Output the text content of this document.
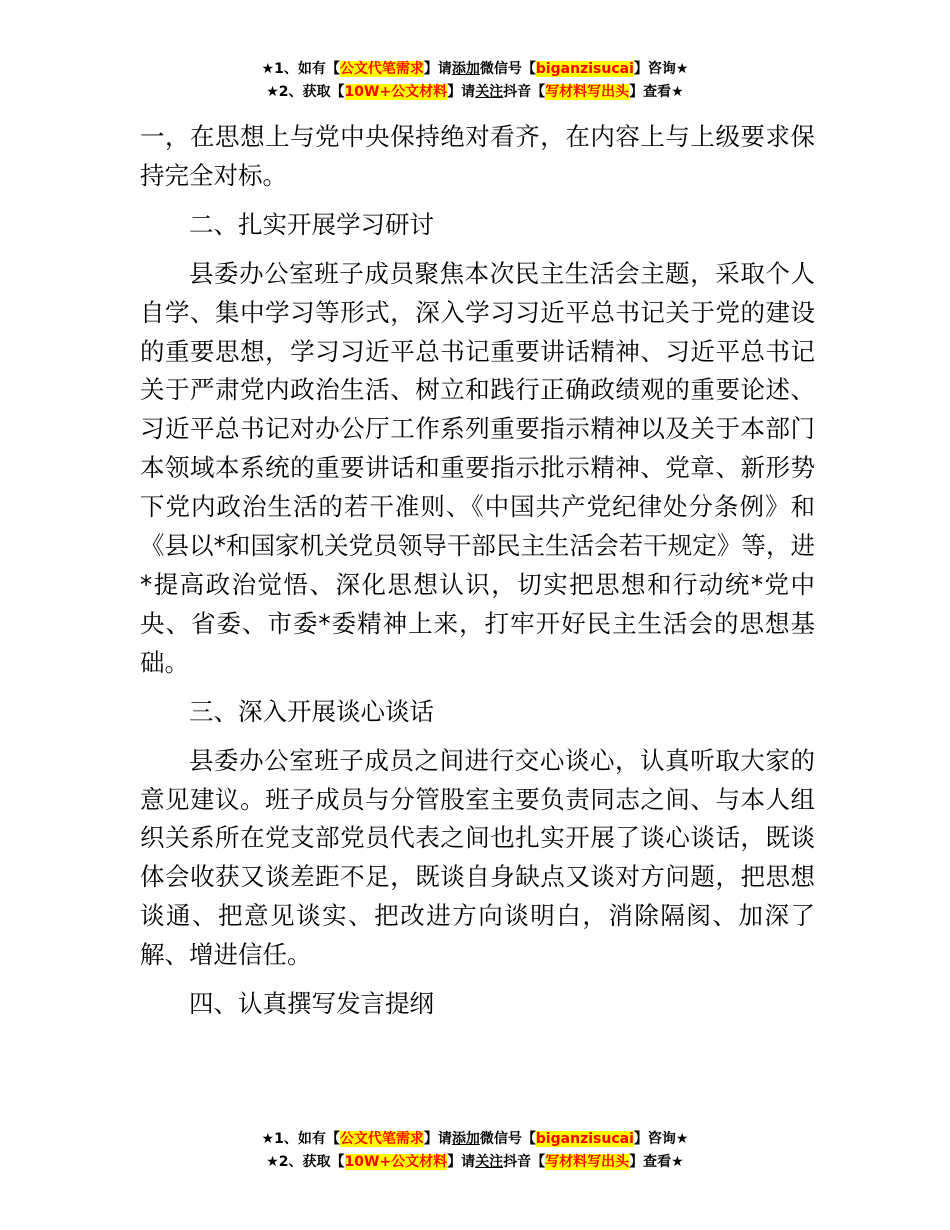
★1、如有【公文代笔需求】请添加微信号【biganzisucai】咨询★
★2、获取【10W+公文材料】请关注抖音【写材料写出头】查看★

一，在思想上与党中央保持绝对看齐，在内容上与上级要求保持完全对标。

二、扎实开展学习研讨

县委办公室班子成员聚焦本次民主生活会主题，采取个人自学、集中学习等形式，深入学习习近平总书记关于党的建设的重要思想，学习习近平总书记重要讲话精神、习近平总书记关于严肃党内政治生活、树立和践行正确政绩观的重要论述、习近平总书记对办公厅工作系列重要指示精神以及关于本部门本领域本系统的重要讲话和重要指示批示精神、党章、新形势下党内政治生活的若干准则、《中国共产党纪律处分条例》和《县以*和国家机关党员领导干部民主生活会若干规定》等，进*提高政治觉悟、深化思想认识，切实把思想和行动统*党中央、省委、市委*委精神上来，打牢开好民主生活会的思想基础。

三、深入开展谈心谈话

县委办公室班子成员之间进行交心谈心，认真听取大家的意见建议。班子成员与分管股室主要负责同志之间、与本人组织关系所在党支部党员代表之间也扎实开展了谈心谈话，既谈体会收获又谈差距不足，既谈自身缺点又谈对方问题，把思想谈通、把意见谈实、把改进方向谈明白，消除隔阂、加深了解、增进信任。

四、认真撰写发言提纲

★1、如有【公文代笔需求】请添加微信号【biganzisucai】咨询★
★2、获取【10W+公文材料】请关注抖音【写材料写出头】查看★
